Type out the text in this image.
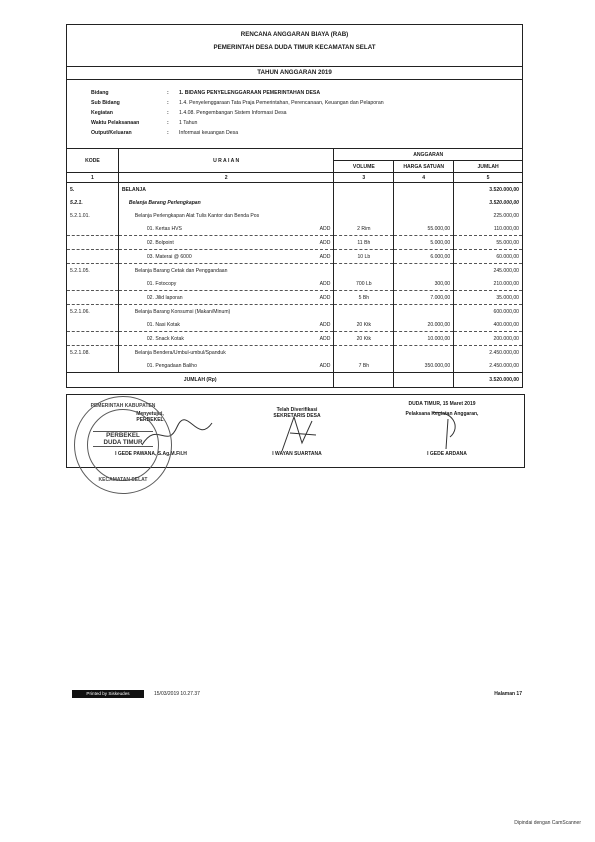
RENCANA ANGGARAN BIAYA (RAB)
PEMERINTAH DESA DUDA TIMUR KECAMATAN SELAT
TAHUN ANGGARAN 2019
Bidang	: 1. BIDANG PENYELENGGARAAN PEMERINTAHAN DESA
Sub Bidang	: 1.4. Penyelenggaraan Tata Praja Pemerintahan, Perencanaan, Keuangan dan Pelaporan
Kegiatan	: 1.4.08. Pengembangan Sistem Informasi Desa
Waktu Pelaksanaan	: 1 Tahun
Output/Keluaran	: Informasi keuangan Desa
KODE	U R A I A N	ANGGARAN		
		VOLUME	HARGA SATUAN	JUMLAH
1	2	3	4	5
5.	BELANJA			3.520.000,00
5.2.1.	Belanja Barang Perlengkapan			3.520.000,00
5.2.1.01.	Belanja Perlengkapan Alat Tulis Kantor dan Benda Pos			225.000,00
	01. Kertas HVS ADD	2 Rim	55.000,00	110.000,00
	02. Bolpoint ADD	11 Bh	5.000,00	55.000,00
	03. Materai @ 6000 ADD	10 Lb	6.000,00	60.000,00
5.2.1.05.	Belanja Barang Cetak dan Penggandaan			245.000,00
	01. Fotocopy ADD	700 Lb	300,00	210.000,00
	02. Jilid laporan ADD	5 Bh	7.000,00	35.000,00
5.2.1.06.	Belanja Barang Konsumsi (Makan/Minum)			600.000,00
	01. Nasi Kotak ADD	20 Ktk	20.000,00	400.000,00
	02. Snack Kotak ADD	20 Ktk	10.000,00	200.000,00
5.2.1.08.	Belanja Bendera/Umbul-umbul/Spanduk			2.450.000,00
	01. Pengadaan Baliho ADD	7 Bh	350.000,00	2.450.000,00
JUMLAH (Rp)				3.520.000,00
Menyetujui,
PERBEKEL
I GEDE PAWANA, S.Ag.M.Fil.H
Telah Diverifikasi
SEKRETARIS DESA
I WAYAN SUARTANA
DUDA TIMUR, 15 Maret 2019
Pelaksana Kegiatan Anggaran,
I GEDE ARDANA
PEMERINTAH KABUPATEN
PERBEKEL
DUDA TIMUR
KECAMATAN SELAT
Printed by Siskeudes	15/03/2019 10.27.37	Halaman 17
Dipindai dengan CamScanner
